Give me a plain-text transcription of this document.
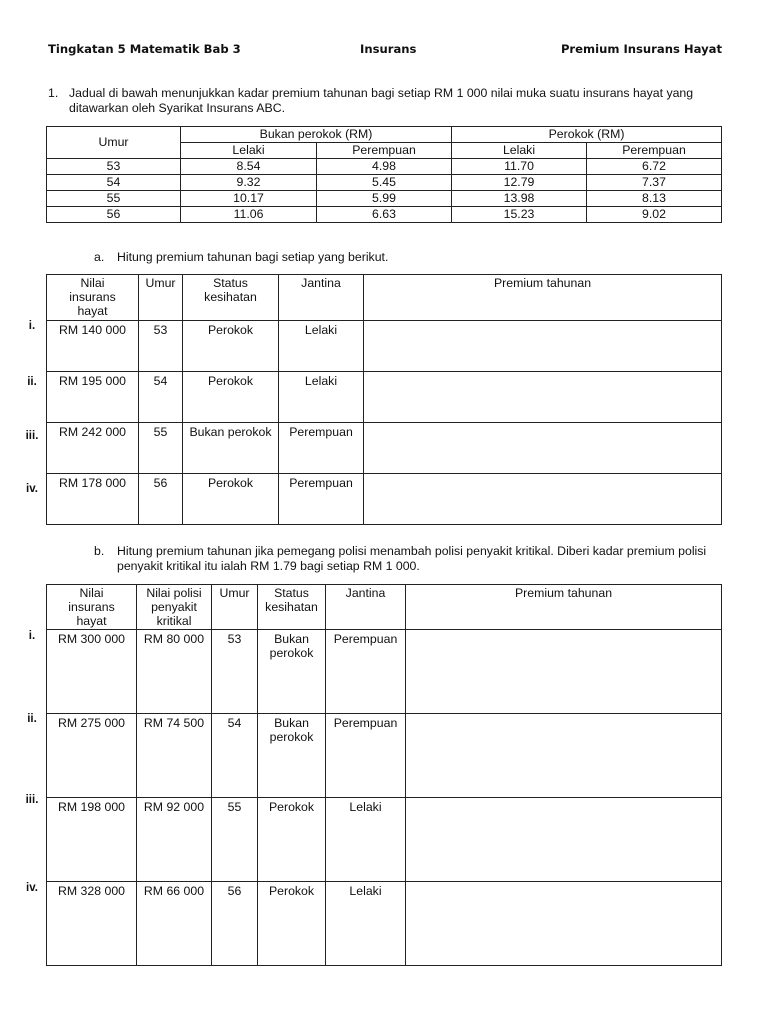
Tingkatan 5 Matematik Bab 3	Insurans	Premium Insurans Hayat
1. Jadual di bawah menunjukkan kadar premium tahunan bagi setiap RM 1 000 nilai muka suatu insurans hayat yang ditawarkan oleh Syarikat Insurans ABC.
Umur	Bukan perokok (RM)		Perokok (RM)	
	Lelaki	Perempuan	Lelaki	Perempuan
53	8.54	4.98	11.70	6.72
54	9.32	5.45	12.79	7.37
55	10.17	5.99	13.98	8.13
56	11.06	6.63	15.23	9.02
a. Hitung premium tahunan bagi setiap yang berikut.
i.
ii.
iii.
iv.
Nilai insurans hayat	Umur	Status kesihatan	Jantina	Premium tahunan
RM 140 000	53	Perokok	Lelaki	
RM 195 000	54	Perokok	Lelaki	
RM 242 000	55	Bukan perokok	Perempuan	
RM 178 000	56	Perokok	Perempuan	
b. Hitung premium tahunan jika pemegang polisi menambah polisi penyakit kritikal. Diberi kadar premium polisi penyakit kritikal itu ialah RM 1.79 bagi setiap RM 1 000.
i.
ii.
iii.
iv.
Nilai insurans hayat	Nilai polisi penyakit kritikal	Umur	Status kesihatan	Jantina	Premium tahunan
RM 300 000	RM 80 000	53	Bukan perokok	Perempuan	
RM 275 000	RM 74 500	54	Bukan perokok	Perempuan	
RM 198 000	RM 92 000	55	Perokok	Lelaki	
RM 328 000	RM 66 000	56	Perokok	Lelaki	
